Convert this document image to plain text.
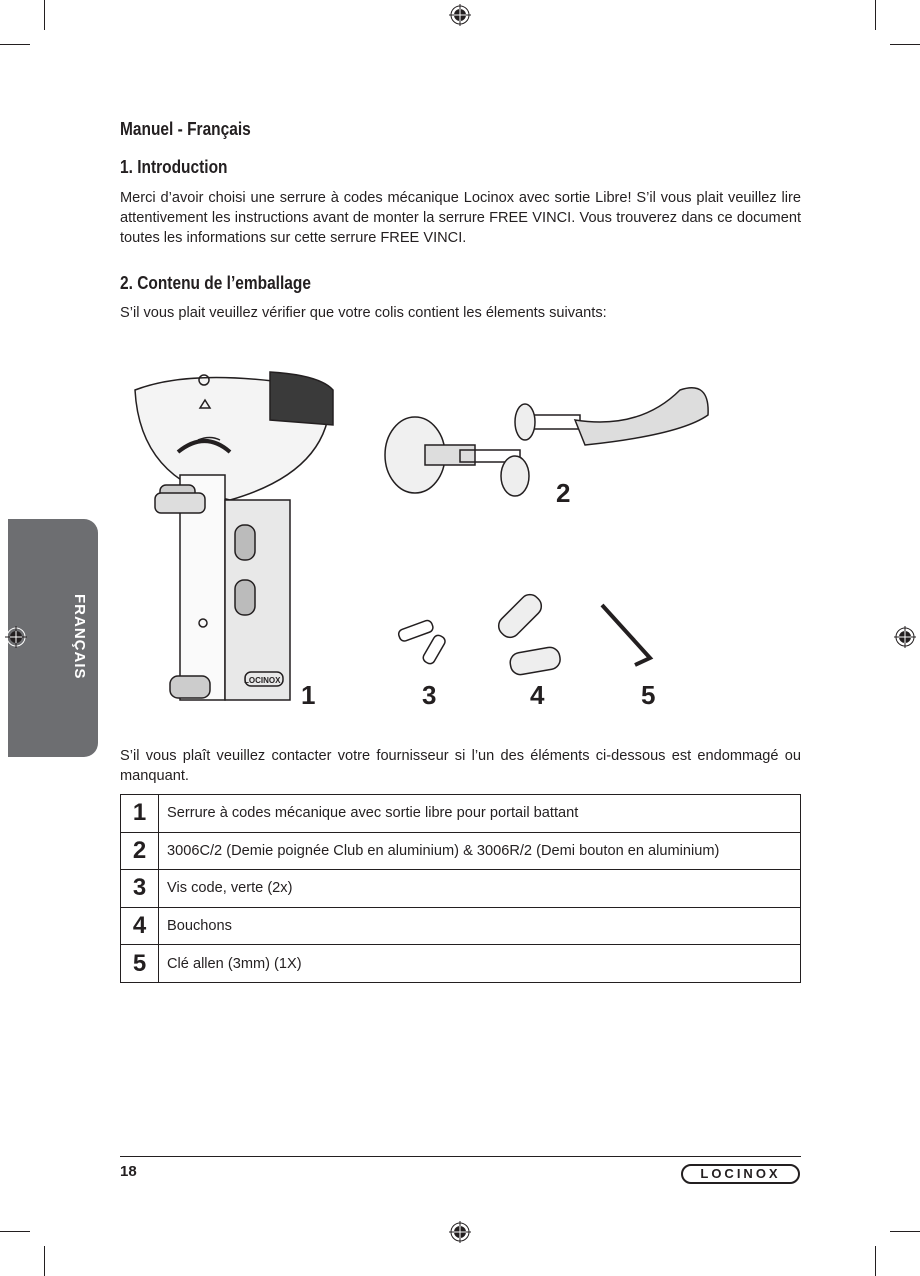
FRANÇAIS
Manuel - Français
1. Introduction

Merci d’avoir choisi une serrure à codes mécanique Locinox avec sortie Libre! S’il vous plait veuillez lire attentivement les instructions avant de monter la serrure FREE VINCI. Vous trouverez dans ce document toutes les informations sur cette serrure FREE VINCI.

2. Contenu de l’emballage

S’il vous plait veuillez vérifier que votre colis contient les élements suivants:

LOCINOX 1
2
3	4	5

S’il vous plaît veuillez contacter votre fournisseur si l’un des éléments ci-dessous est endommagé ou manquant.

1	Serrure à codes mécanique avec sortie libre pour portail battant
2	3006C/2 (Demie poignée Club en aluminium) & 3006R/2 (Demi bouton en aluminium)
3	Vis code, verte (2x)
4	Bouchons
5	Clé allen (3mm) (1X)
18	LOCINOX
